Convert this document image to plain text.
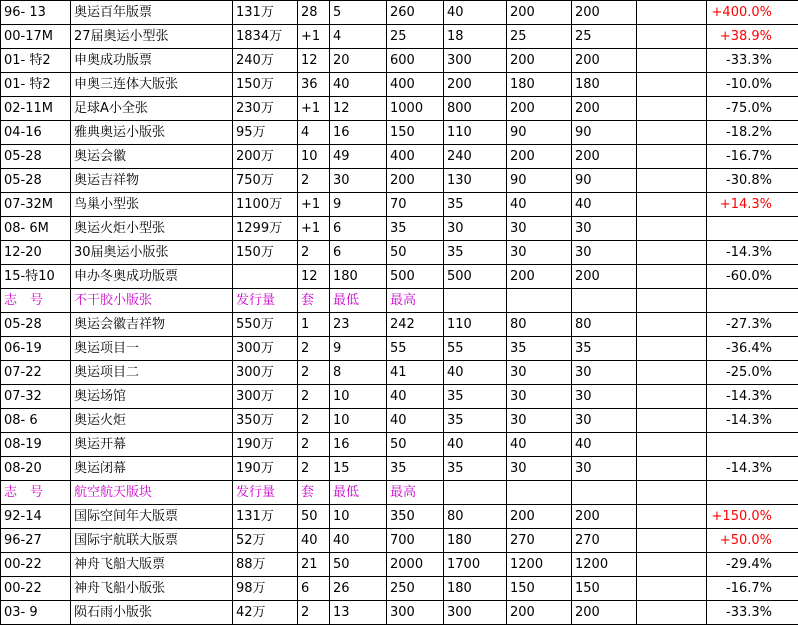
96- 13	奥运百年版票	131万	28	5	260	40	200	200		+400.0%
00-17M	27届奥运小型张	1834万	+1	4	25	18	25	25		+38.9%
01- 特2	申奥成功版票	240万	12	20	600	300	200	200		-33.3%
01- 特2	申奥三连体大版张	150万	36	40	400	200	180	180		-10.0%
02-11M	足球A小全张	230万	+1	12	1000	800	200	200		-75.0%
04-16	雅典奥运小版张	95万	4	16	150	110	90	90		-18.2%
05-28	奥运会徽	200万	10	49	400	240	200	200		-16.7%
05-28	奥运吉祥物	750万	2	30	200	130	90	90		-30.8%
07-32M	鸟巢小型张	1100万	+1	9	70	35	40	40		+14.3%
08- 6M	奥运火炬小型张	1299万	+1	6	35	30	30	30		
12-20	30届奥运小版张	150万	2	6	50	35	30	30		-14.3%
15-特10	申办冬奥成功版票		12	180	500	500	200	200		-60.0%
志　号	不干胶小版张	发行量	套	最低	最高					
05-28	奥运会徽吉祥物	550万	1	23	242	110	80	80		-27.3%
06-19	奥运项目一	300万	2	9	55	55	35	35		-36.4%
07-22	奥运项目二	300万	2	8	41	40	30	30		-25.0%
07-32	奥运场馆	300万	2	10	40	35	30	30		-14.3%
08- 6	奥运火炬	350万	2	10	40	35	30	30		-14.3%
08-19	奥运开幕	190万	2	16	50	40	40	40		
08-20	奥运闭幕	190万	2	15	35	35	30	30		-14.3%
志　号	航空航天版块	发行量	套	最低	最高					
92-14	国际空间年大版票	131万	50	10	350	80	200	200		+150.0%
96-27	国际宇航联大版票	52万	40	40	700	180	270	270		+50.0%
00-22	神舟飞船大版票	88万	21	50	2000	1700	1200	1200		-29.4%
00-22	神舟飞船小版张	98万	6	26	250	180	150	150		-16.7%
03- 9	陨石雨小版张	42万	2	13	300	300	200	200		-33.3%
